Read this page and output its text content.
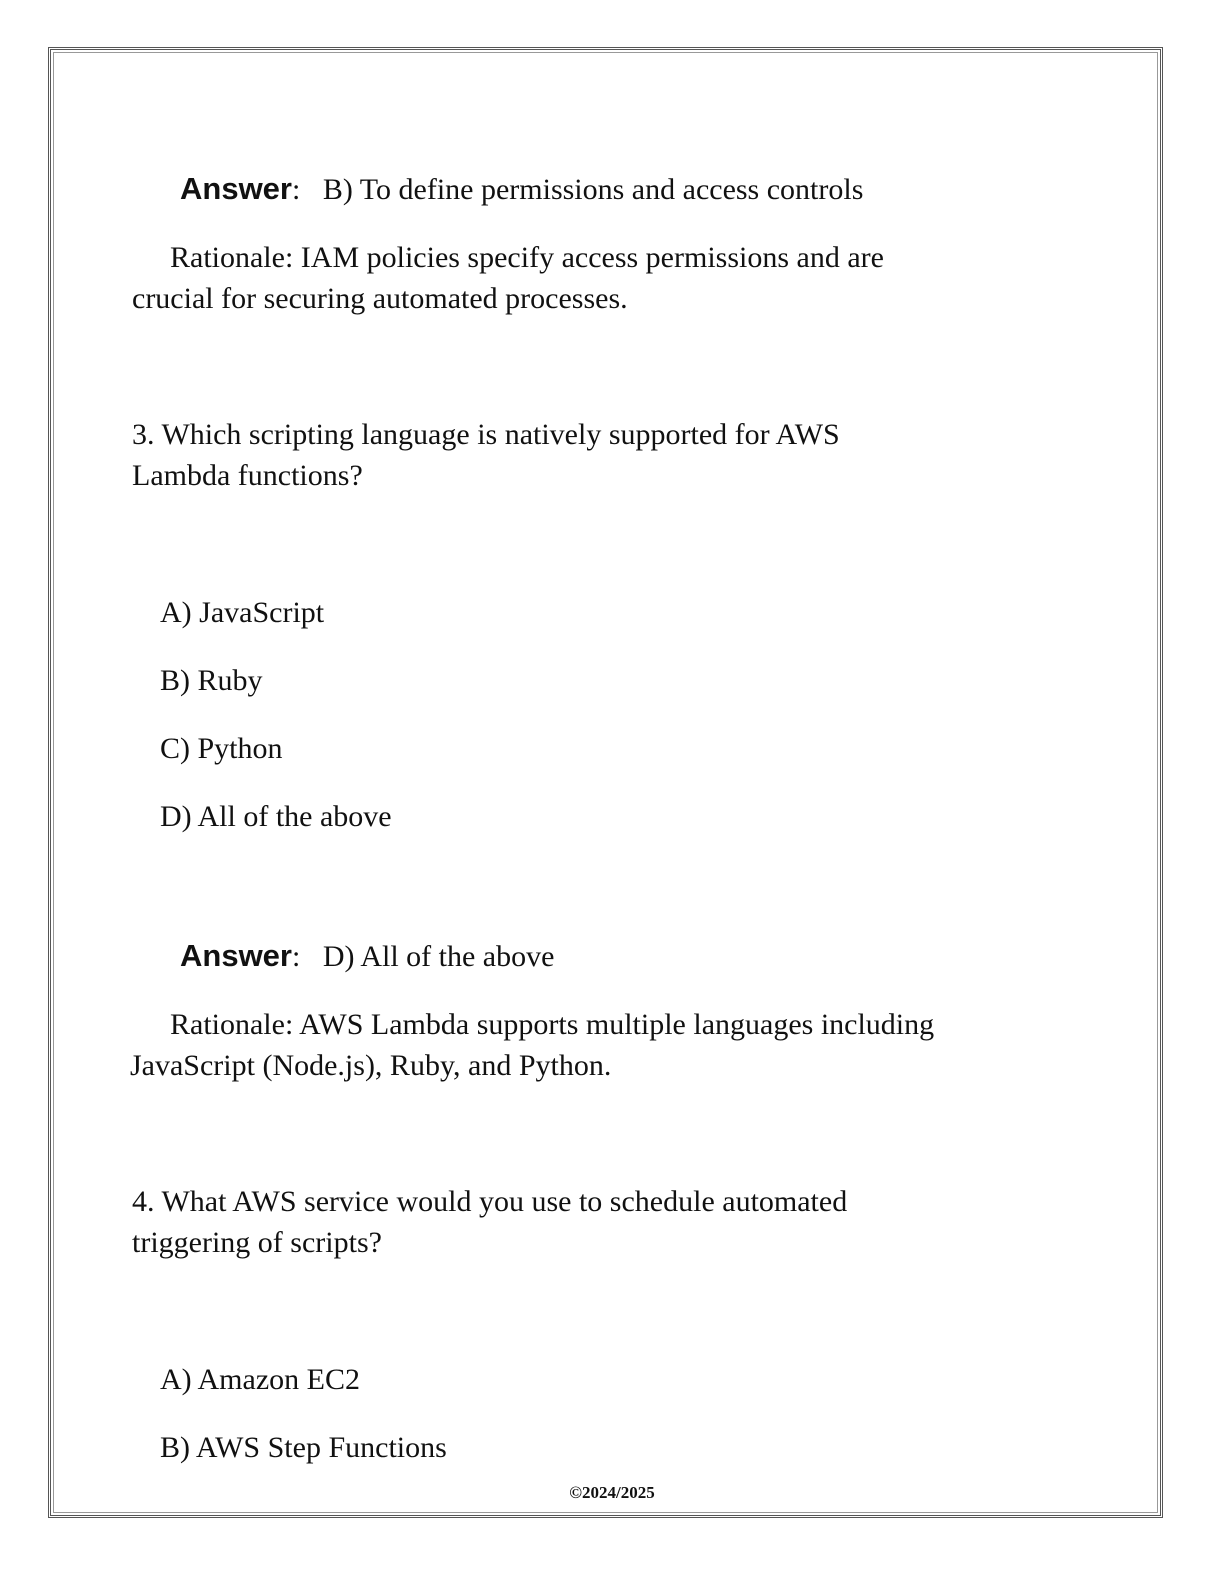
Answer: B) To define permissions and access controls
Rationale: IAM policies specify access permissions and are
crucial for securing automated processes.
3. Which scripting language is natively supported for AWS
Lambda functions?
A) JavaScript
B) Ruby
C) Python
D) All of the above
Answer: D) All of the above
Rationale: AWS Lambda supports multiple languages including
JavaScript (Node.js), Ruby, and Python.
4. What AWS service would you use to schedule automated
triggering of scripts?
A) Amazon EC2
B) AWS Step Functions
©2024/2025
